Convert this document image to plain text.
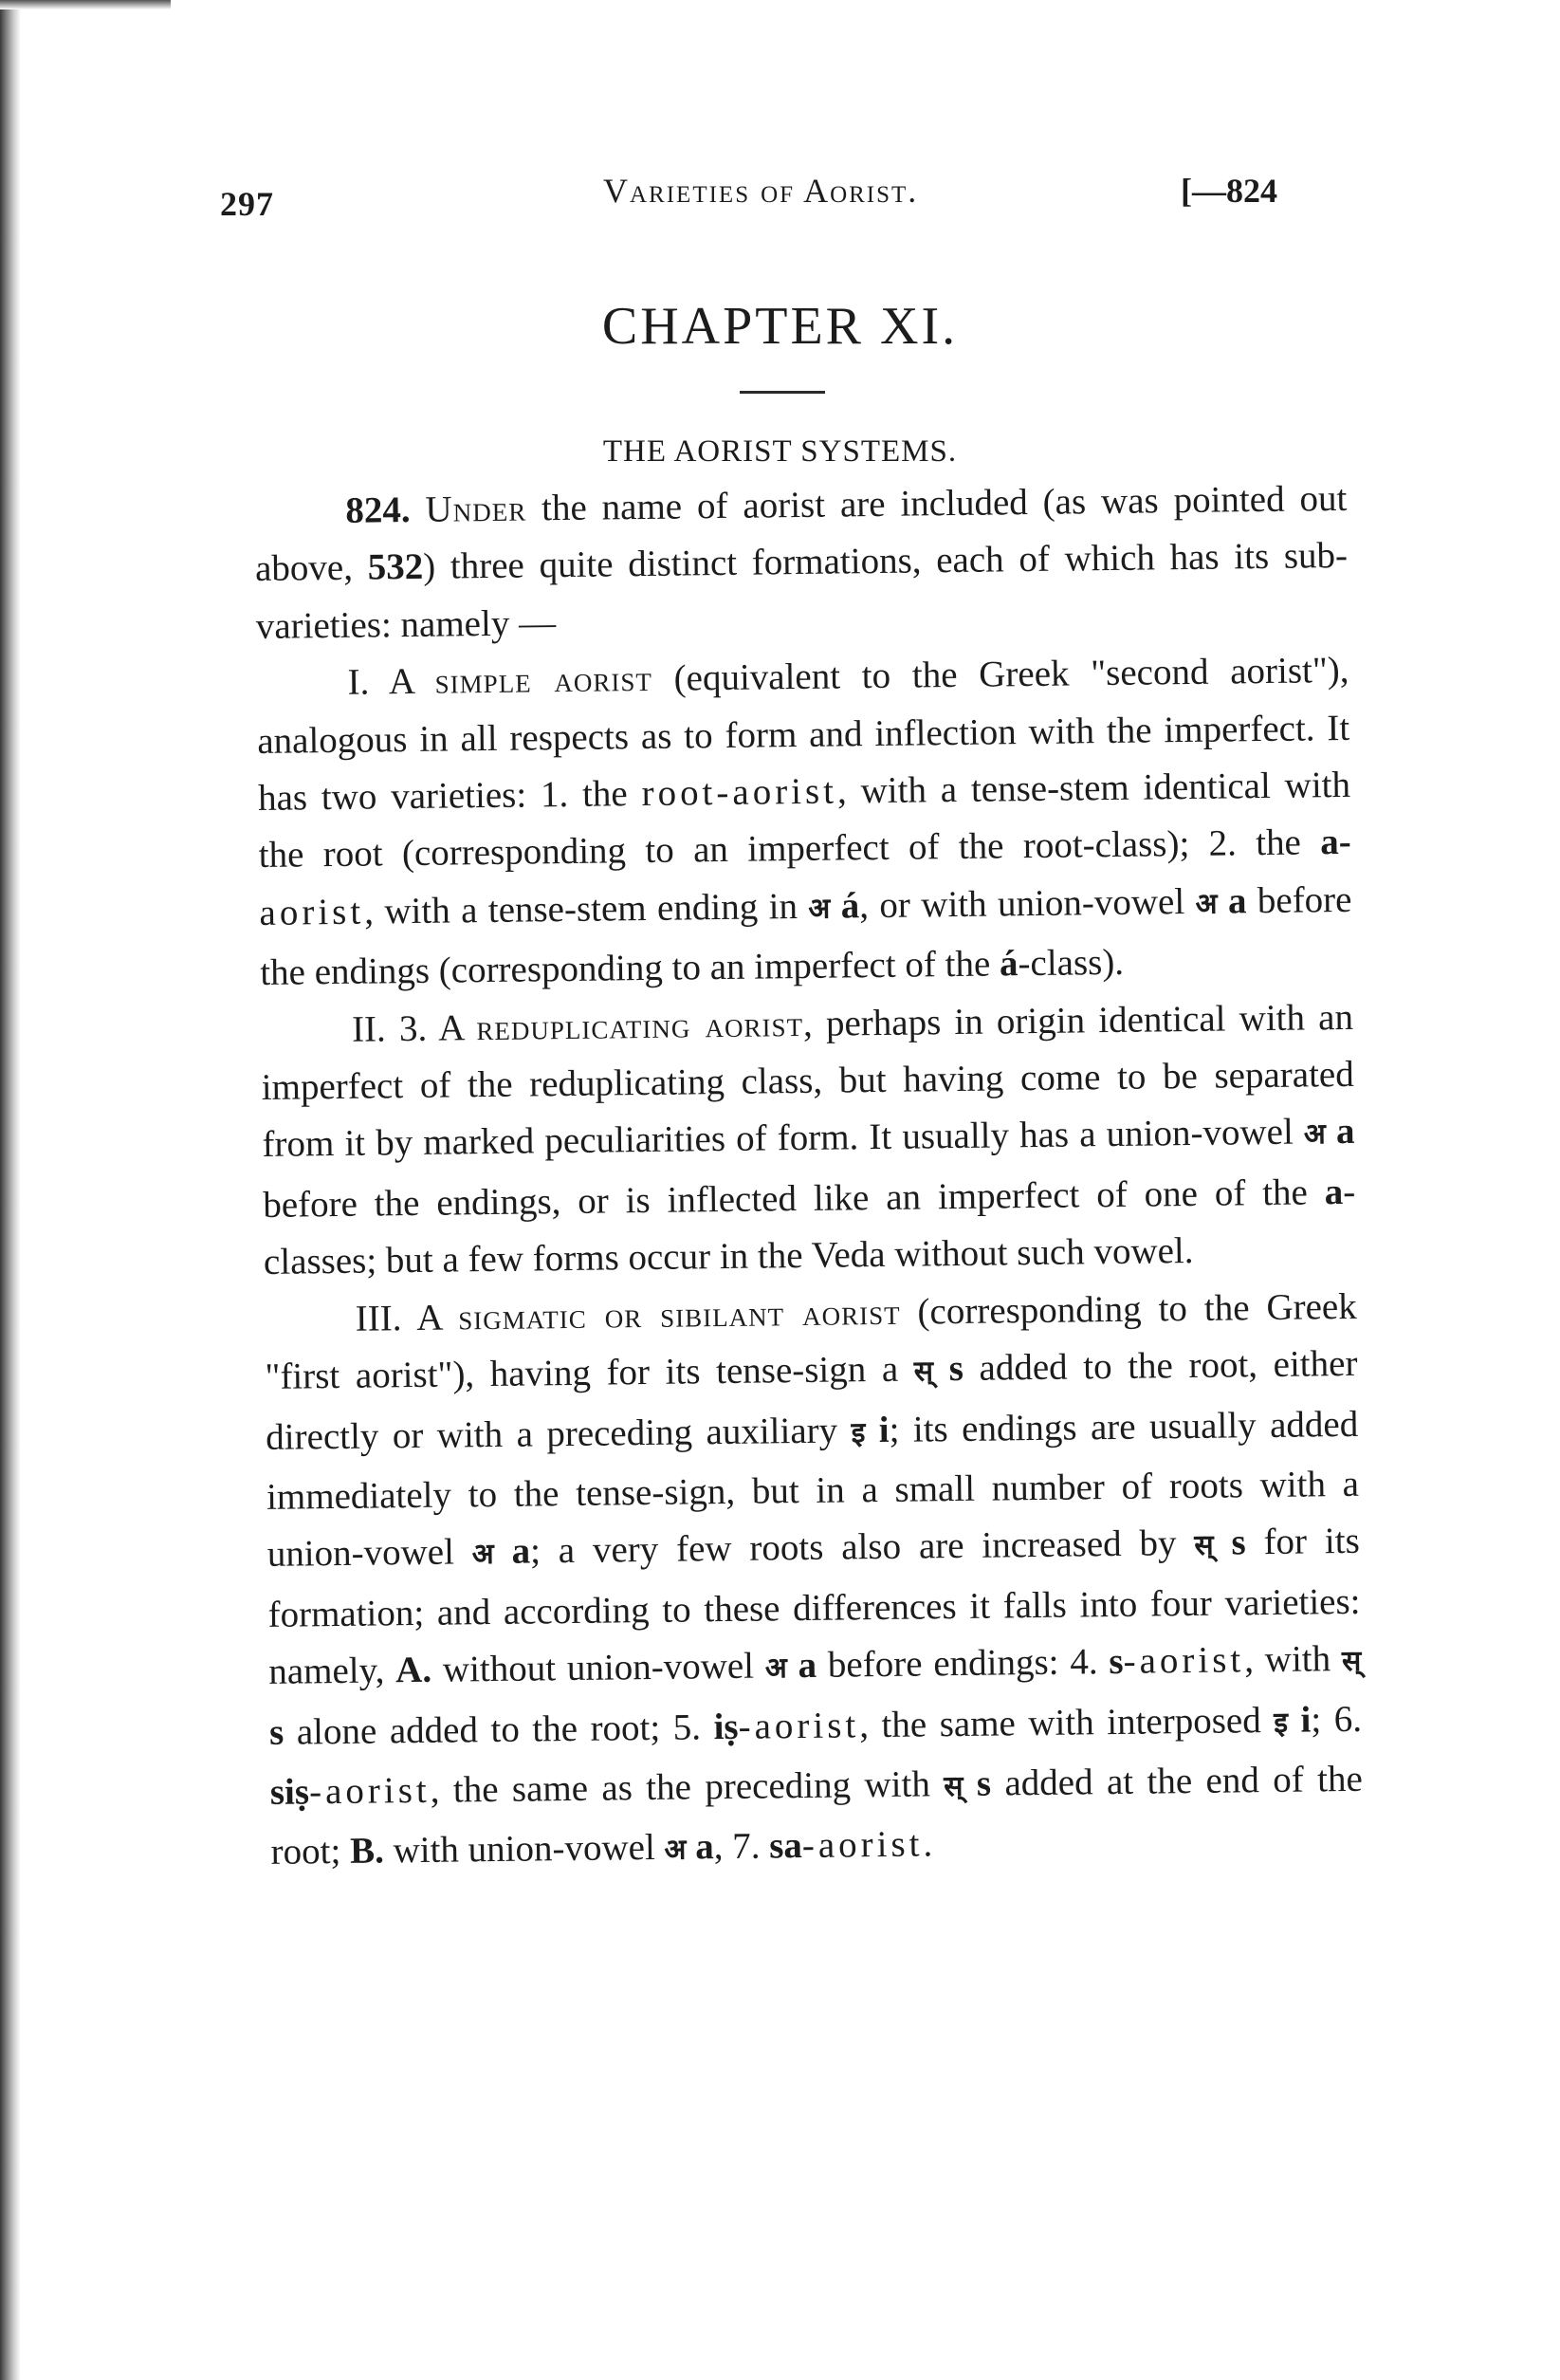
297	Varieties of Aorist.	[—824
CHAPTER XI.
THE AORIST SYSTEMS.

824. Under the name of aorist are included (as was pointed out above, 532) three quite distinct formations, each of which has its sub-varieties: namely —

I. A simple aorist (equivalent to the Greek "second aorist"), analogous in all respects as to form and inflection with the imperfect. It has two varieties: 1. the root-aorist, with a tense-stem identical with the root (corresponding to an imperfect of the root-class); 2. the a-aorist, with a tense-stem ending in अ á, or with union-vowel अ a before the endings (corresponding to an imperfect of the á-class).

II. 3. A reduplicating aorist, perhaps in origin identical with an imperfect of the reduplicating class, but having come to be separated from it by marked peculiarities of form. It usually has a union-vowel अ a before the endings, or is inflected like an imperfect of one of the a-classes; but a few forms occur in the Veda without such vowel.

III. A sigmatic or sibilant aorist (corresponding to the Greek "first aorist"), having for its tense-sign a स् s added to the root, either directly or with a preceding auxiliary इ i; its endings are usually added immediately to the tense-sign, but in a small number of roots with a union-vowel अ a; a very few roots also are increased by स् s for its formation; and according to these differences it falls into four varieties: namely, A. without union-vowel अ a before endings: 4. s-aorist, with स् s alone added to the root; 5. iṣ-aorist, the same with interposed इ i; 6. siṣ-aorist, the same as the preceding with स् s added at the end of the root; B. with union-vowel अ a, 7. sa-aorist.
